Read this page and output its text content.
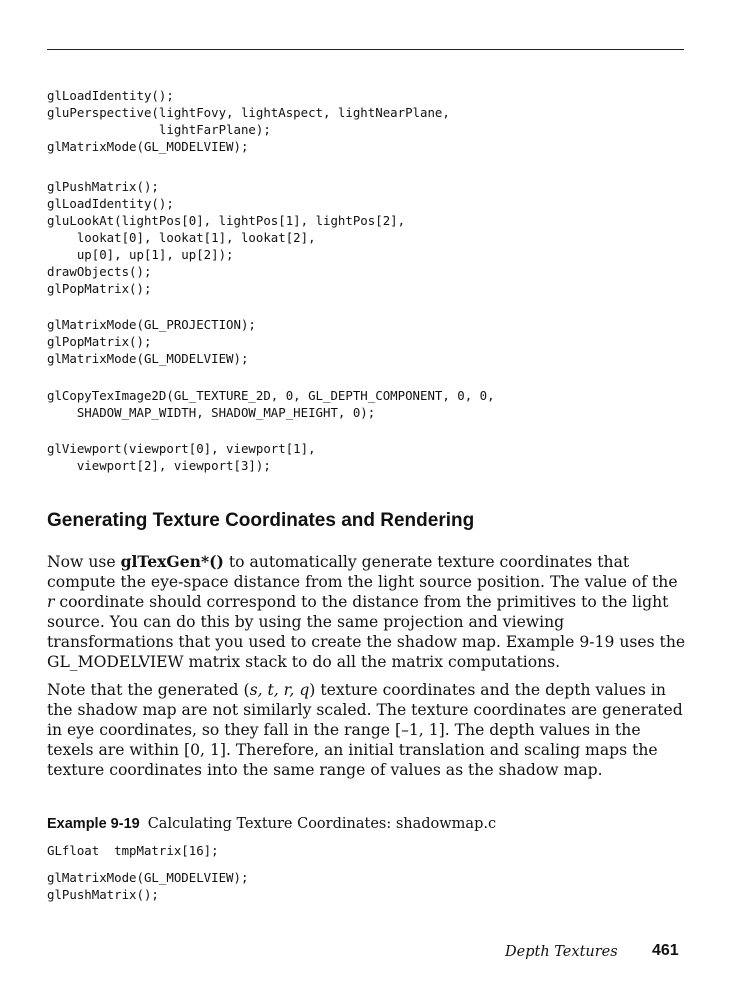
glLoadIdentity();
gluPerspective(lightFovy, lightAspect, lightNearPlane,
lightFarPlane);
glMatrixMode(GL_MODELVIEW);
glPushMatrix();
glLoadIdentity();
gluLookAt(lightPos[0], lightPos[1], lightPos[2],
lookat[0], lookat[1], lookat[2],
up[0], up[1], up[2]);
drawObjects();
glPopMatrix();
glMatrixMode(GL_PROJECTION);
glPopMatrix();
glMatrixMode(GL_MODELVIEW);
glCopyTexImage2D(GL_TEXTURE_2D, 0, GL_DEPTH_COMPONENT, 0, 0,
SHADOW_MAP_WIDTH, SHADOW_MAP_HEIGHT, 0);
glViewport(viewport[0], viewport[1],
viewport[2], viewport[3]);
Generating Texture Coordinates and Rendering

Now use glTexGen*() to automatically generate texture coordinates that compute the eye-space distance from the light source position. The value of the r coordinate should correspond to the distance from the primitives to the light source. You can do this by using the same projection and viewing transformations that you used to create the shadow map. Example 9-19 uses the GL_MODELVIEW matrix stack to do all the matrix computations.

Note that the generated (s, t, r, q) texture coordinates and the depth values in the shadow map are not similarly scaled. The texture coordinates are generated in eye coordinates, so they fall in the range [–1, 1]. The depth values in the texels are within [0, 1]. Therefore, an initial translation and scaling maps the texture coordinates into the same range of values as the shadow map.

Example 9-19 Calculating Texture Coordinates: shadowmap.c
GLfloat  tmpMatrix[16];
glMatrixMode(GL_MODELVIEW);
glPushMatrix();
Depth Textures 461
